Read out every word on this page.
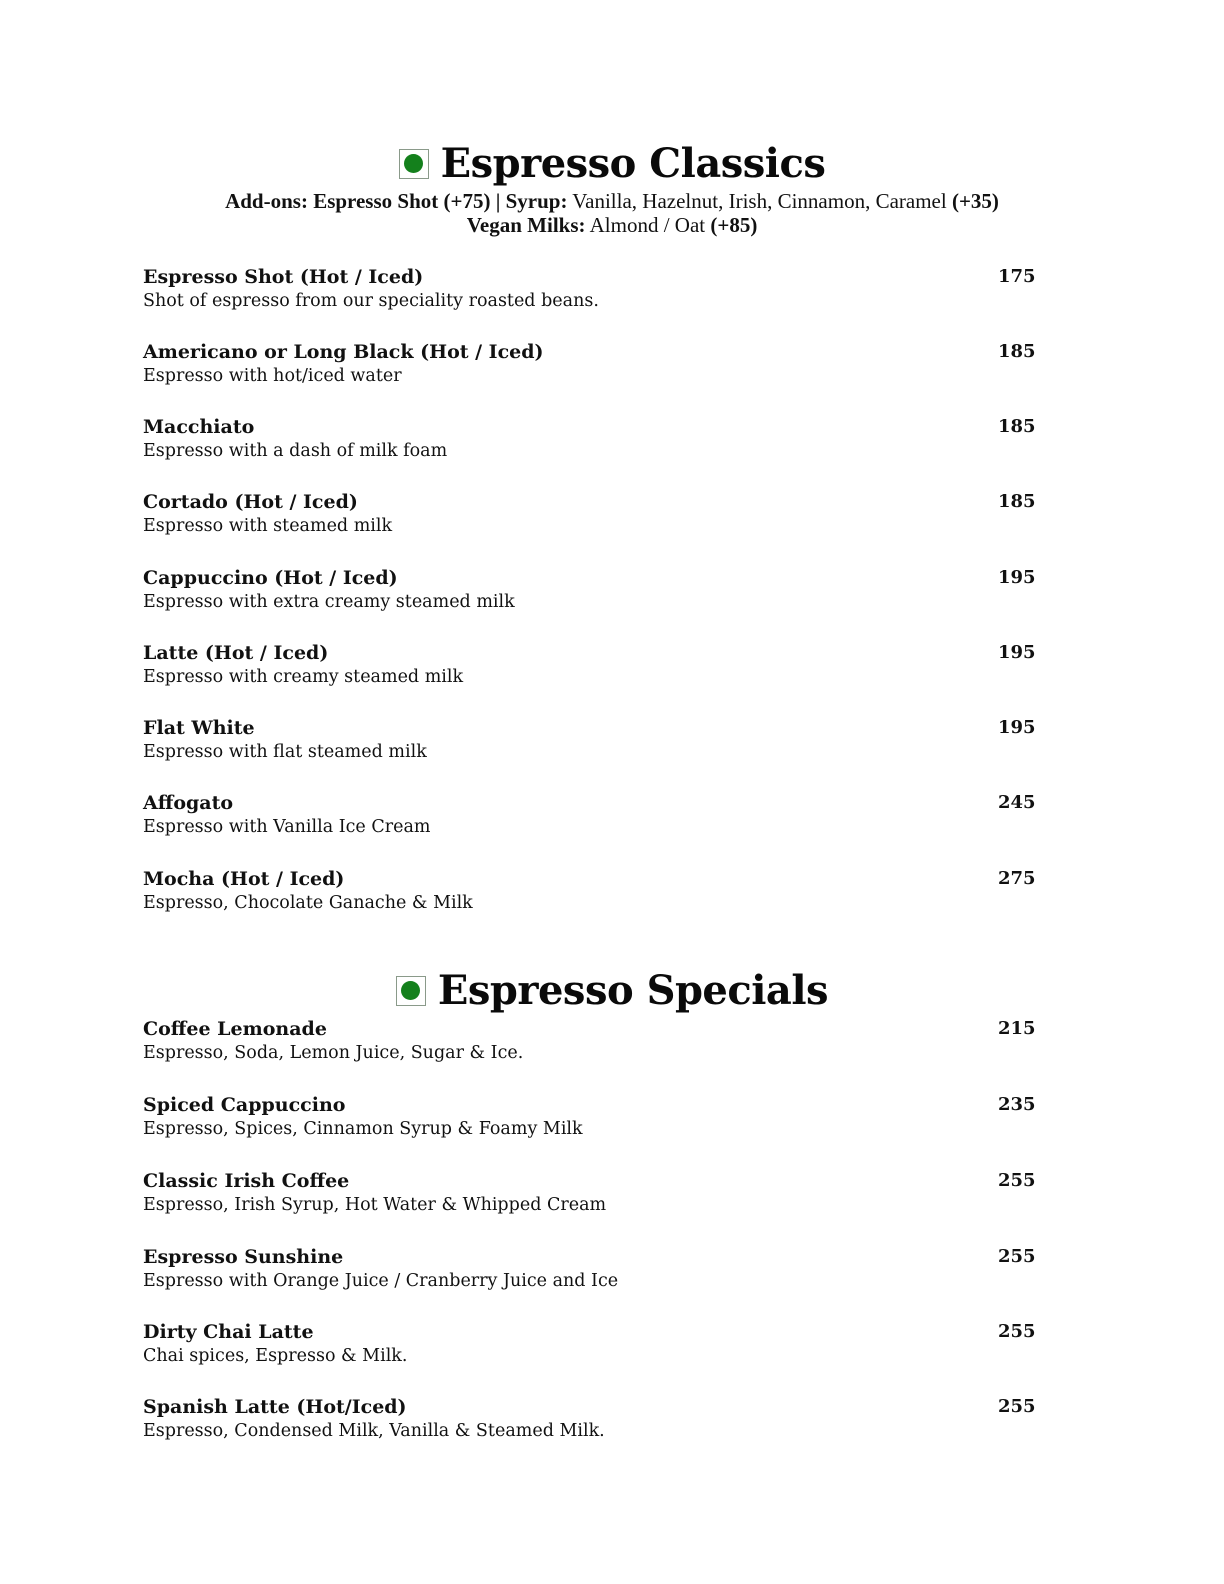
Espresso Classics
Add-ons: Espresso Shot (+75) | Syrup: Vanilla, Hazelnut, Irish, Cinnamon, Caramel (+35)
Vegan Milks: Almond / Oat (+85)
Espresso Shot (Hot / Iced)
Shot of espresso from our speciality roasted beans.
175
Americano or Long Black (Hot / Iced)
Espresso with hot/iced water
185
Macchiato
Espresso with a dash of milk foam
185
Cortado (Hot / Iced)
Espresso with steamed milk
185
Cappuccino (Hot / Iced)
Espresso with extra creamy steamed milk
195
Latte (Hot / Iced)
Espresso with creamy steamed milk
195
Flat White
Espresso with flat steamed milk
195
Affogato
Espresso with Vanilla Ice Cream
245
Mocha (Hot / Iced)
Espresso, Chocolate Ganache & Milk
275
Espresso Specials
Coffee Lemonade
Espresso, Soda, Lemon Juice, Sugar & Ice.
215
Spiced Cappuccino
Espresso, Spices, Cinnamon Syrup & Foamy Milk
235
Classic Irish Coffee
Espresso, Irish Syrup, Hot Water & Whipped Cream
255
Espresso Sunshine
Espresso with Orange Juice / Cranberry Juice and Ice
255
Dirty Chai Latte
Chai spices, Espresso & Milk.
255
Spanish Latte (Hot/Iced)
Espresso, Condensed Milk, Vanilla & Steamed Milk.
255
